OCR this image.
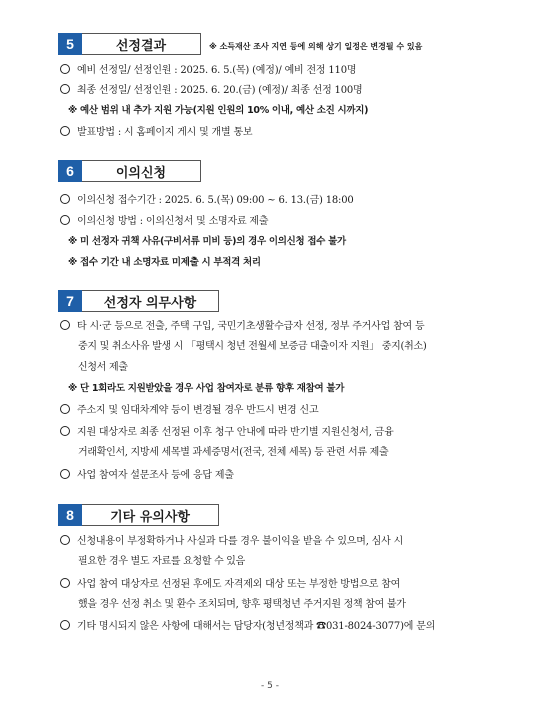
5	선정결과	※ 소득재산 조사 지연 등에 의해 상기 일정은 변경될 수 있음
예비 선정일/ 선정인원 : 2025. 6. 5.(목) (예정)/ 예비 전정 110명
최종 선정일/ 선정인원 : 2025. 6. 20.(금) (예정)/ 최종 선정 100명
※ 예산 범위 내 추가 지원 가능(지원 인원의 10% 이내, 예산 소진 시까지)
발표방법 : 시 홈페이지 게시 및 개별 통보
6	이의신청
이의신청 접수기간 : 2025. 6. 5.(목) 09:00 ~ 6. 13.(금) 18:00
이의신청 방법 : 이의신청서 및 소명자료 제출
※ 미 선정자 귀책 사유(구비서류 미비 등)의 경우 이의신청 접수 불가
※ 접수 기간 내 소명자료 미제출 시 부적격 처리
7	선정자 의무사항
타 시·군 등으로 전출, 주택 구입, 국민기초생활수급자 선정, 정부 주거사업 참여 등
중지 및 취소사유 발생 시 「평택시 청년 전월세 보증금 대출이자 지원」 중지(취소)
신청서 제출
※ 단 1회라도 지원받았을 경우 사업 참여자로 분류 향후 재참여 불가
주소지 및 임대차계약 등이 변경될 경우 반드시 변경 신고
지원 대상자로 최종 선정된 이후 청구 안내에 따라 반기별 지원신청서, 금융
거래확인서, 지방세 세목별 과세증명서(전국, 전체 세목) 등 관련 서류 제출
사업 참여자 설문조사 등에 응답 제출
8	기타 유의사항
신청내용이 부정확하거나 사실과 다를 경우 불이익을 받을 수 있으며, 심사 시
필요한 경우 별도 자료를 요청할 수 있음
사업 참여 대상자로 선정된 후에도 자격제외 대상 또는 부정한 방법으로 참여
했을 경우 선정 취소 및 환수 조치되며, 향후 평택청년 주거지원 정책 참여 불가
기타 명시되지 않은 사항에 대해서는 담당자(청년정책과 ☎031-8024-3077)에 문의
- 5 -
